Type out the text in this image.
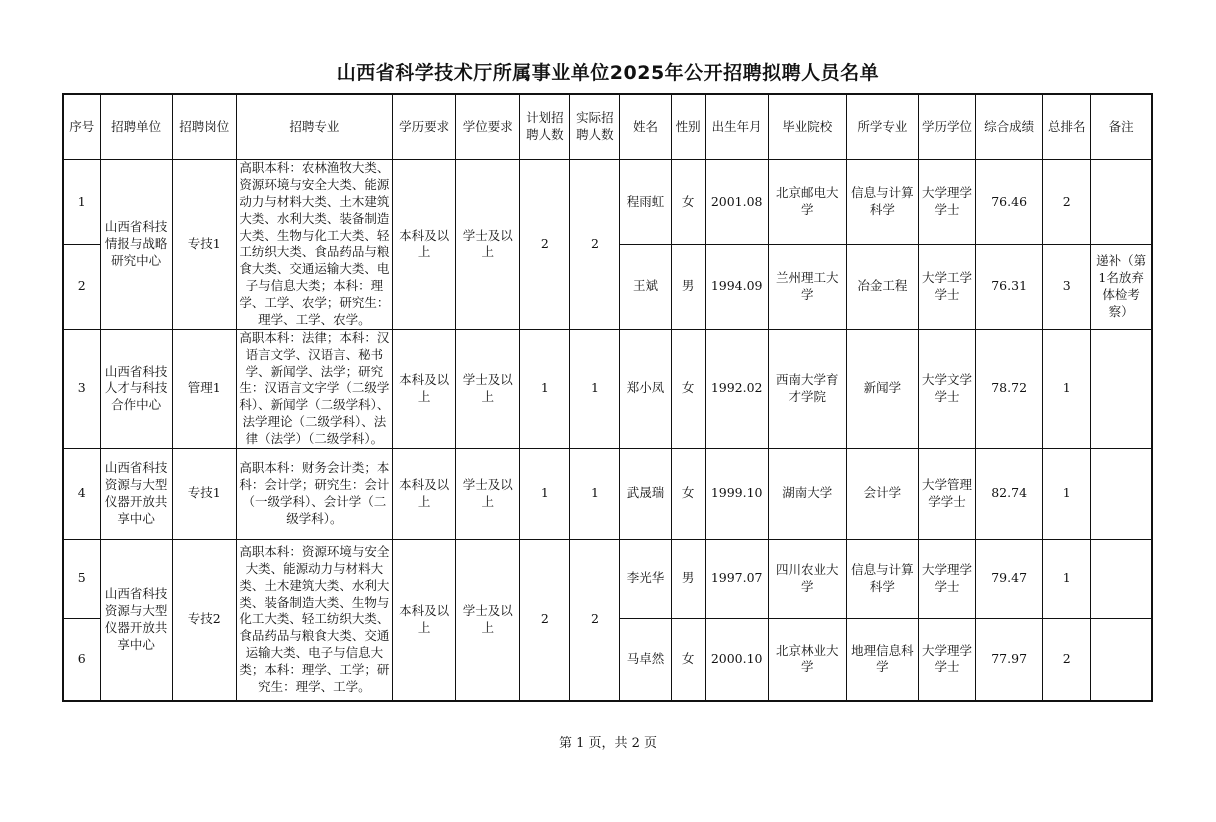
山西省科学技术厅所属事业单位2025年公开招聘拟聘人员名单
序号	招聘单位	招聘岗位	招聘专业	学历要求	学位要求	计划招聘人数	实际招聘人数	姓名	性别	出生年月	毕业院校	所学专业	学历学位	综合成绩	总排名	备注
1	山西省科技情报与战略研究中心	专技1	高职本科：农林渔牧大类、资源环境与安全大类、能源动力与材料大类、土木建筑大类、水利大类、装备制造大类、生物与化工大类、轻工纺织大类、食品药品与粮食大类、交通运输大类、电子与信息大类；本科：理学、工学、农学；研究生：理学、工学、农学。	本科及以上	学士及以上	2	2	程雨虹	女	2001.08	北京邮电大学	信息与计算科学	大学理学学士	76.46	2	
2								王斌	男	1994.09	兰州理工大学	冶金工程	大学工学学士	76.31	3	递补（第1名放弃体检考察）
3	山西省科技人才与科技合作中心	管理1	高职本科：法律；本科：汉语言文学、汉语言、秘书学、新闻学、法学；研究生：汉语言文字学（二级学科）、新闻学（二级学科）、法学理论（二级学科）、法律（法学）（二级学科）。	本科及以上	学士及以上	1	1	郑小凤	女	1992.02	西南大学育才学院	新闻学	大学文学学士	78.72	1	
4	山西省科技资源与大型仪器开放共享中心	专技1	高职本科：财务会计类；本科：会计学；研究生：会计（一级学科）、会计学（二级学科）。	本科及以上	学士及以上	1	1	武晟瑞	女	1999.10	湖南大学	会计学	大学管理学学士	82.74	1	
5	山西省科技资源与大型仪器开放共享中心	专技2	高职本科：资源环境与安全大类、能源动力与材料大类、土木建筑大类、水利大类、装备制造大类、生物与化工大类、轻工纺织大类、食品药品与粮食大类、交通运输大类、电子与信息大类；本科：理学、工学；研究生：理学、工学。	本科及以上	学士及以上	2	2	李光华	男	1997.07	四川农业大学	信息与计算科学	大学理学学士	79.47	1	
6								马卓然	女	2000.10	北京林业大学	地理信息科学	大学理学学士	77.97	2	
第 1 页，共 2 页
